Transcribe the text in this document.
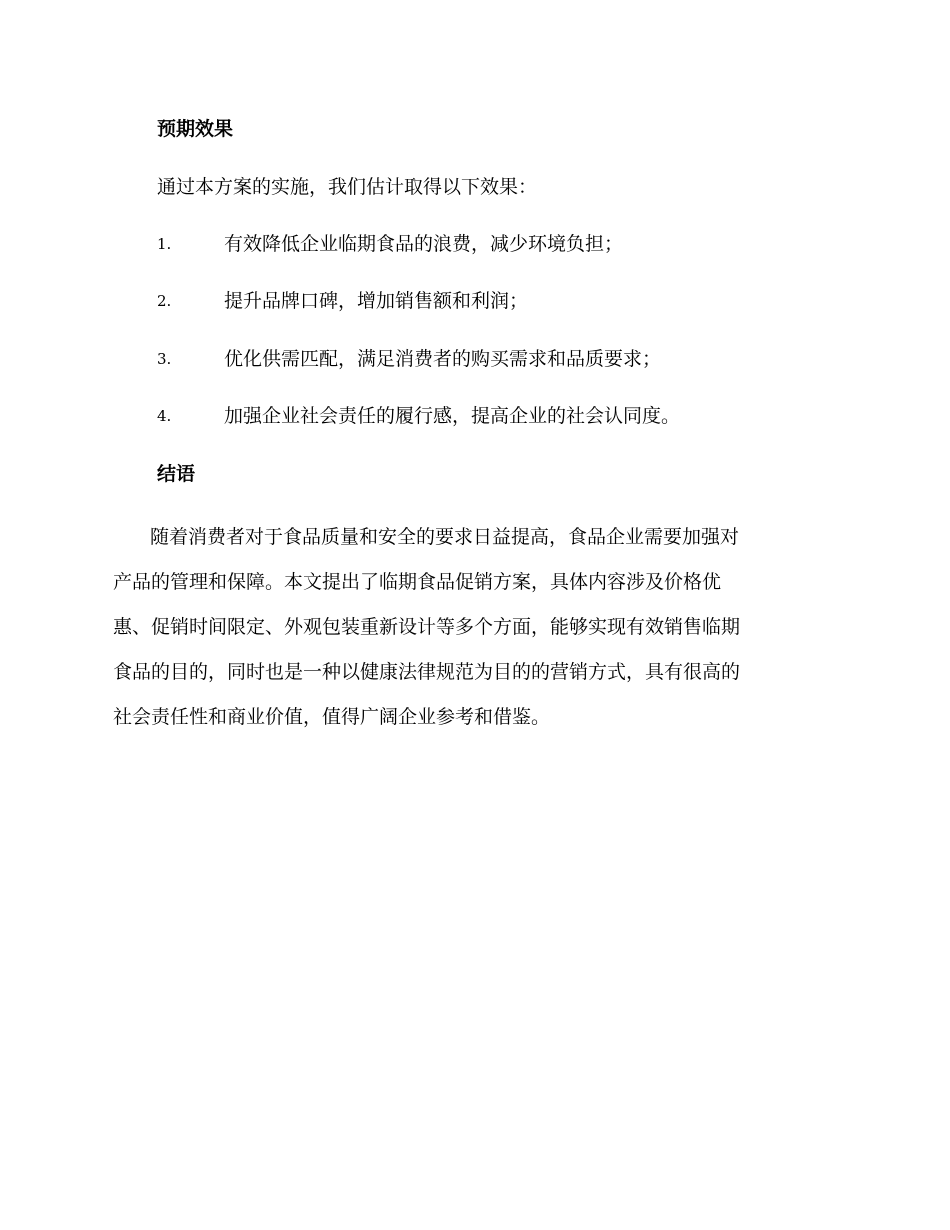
预期效果
通过本方案的实施，我们估计取得以下效果：
1.	有效降低企业临期食品的浪费，减少环境负担；
2.	提升品牌口碑，增加销售额和利润；
3.	优化供需匹配，满足消费者的购买需求和品质要求；
4.	加强企业社会责任的履行感，提高企业的社会认同度。
结语
随着消费者对于食品质量和安全的要求日益提高，食品企业需要加强对
产品的管理和保障。本文提出了临期食品促销方案，具体内容涉及价格优
惠、促销时间限定、外观包装重新设计等多个方面，能够实现有效销售临期
食品的目的，同时也是一种以健康法律规范为目的的营销方式，具有很高的
社会责任性和商业价值，值得广阔企业参考和借鉴。
